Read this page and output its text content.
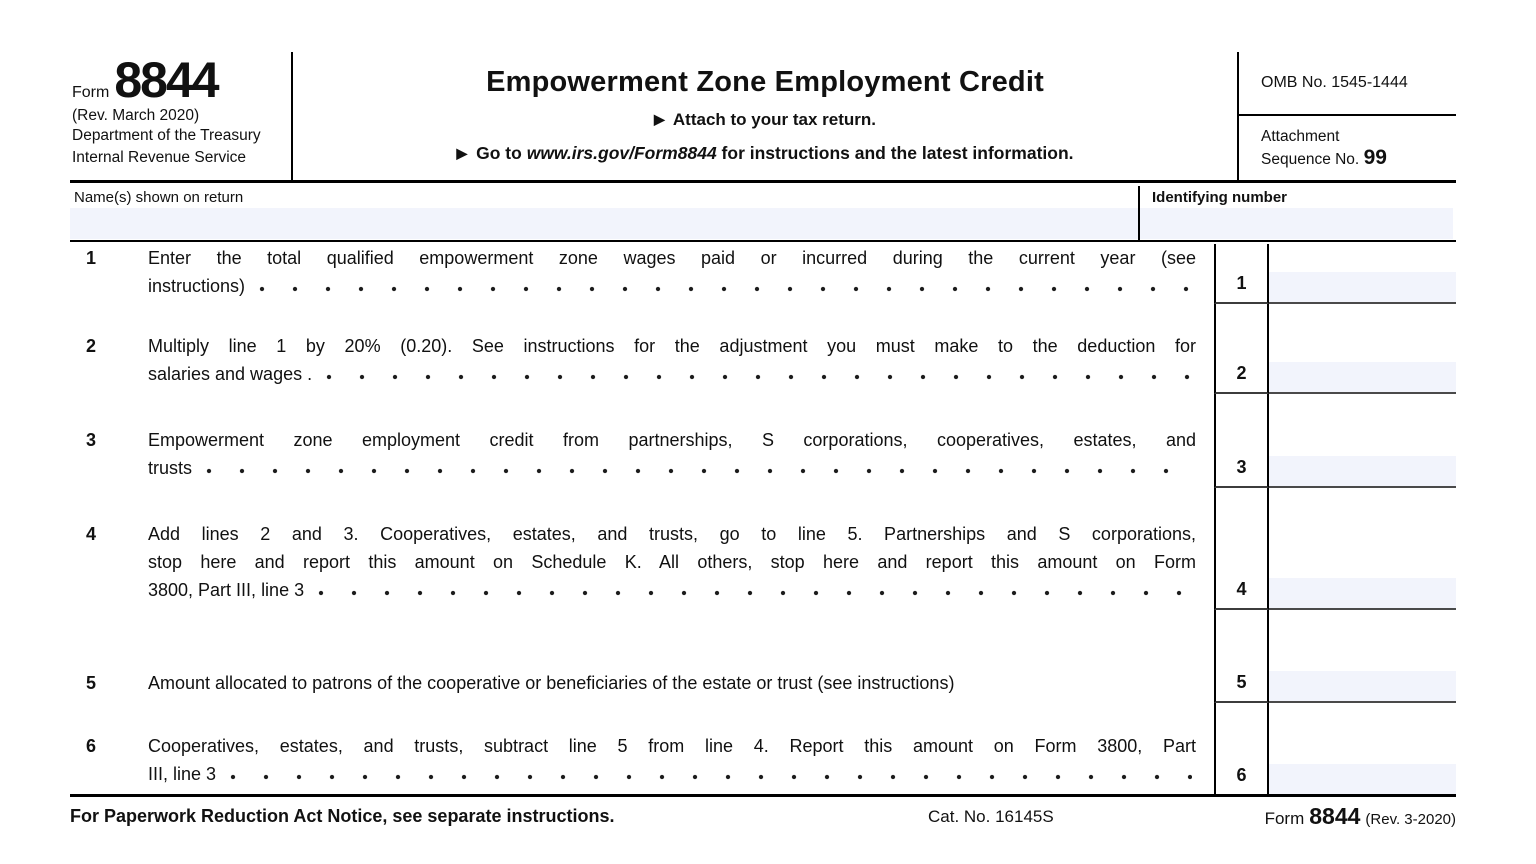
Form 8844
(Rev. March 2020)
Department of the Treasury
Internal Revenue Service
Empowerment Zone Employment Credit
▶ Attach to your tax return.
▶ Go to www.irs.gov/Form8844 for instructions and the latest information.
OMB No. 1545-1444
Attachment
Sequence No. 99
Name(s) shown on return	Identifying number
1	Enter the total qualified empowerment zone wages paid or incurred during the current year (see
instructions)	1
2	Multiply line 1 by 20% (0.20). See instructions for the adjustment you must make to the deduction for
salaries and wages .	2
3	Empowerment zone employment credit from partnerships, S corporations, cooperatives, estates, and
trusts	3
4	Add lines 2 and 3. Cooperatives, estates, and trusts, go to line 5. Partnerships and S corporations,
stop here and report this amount on Schedule K. All others, stop here and report this amount on Form
3800, Part III, line 3	4
5	Amount allocated to patrons of the cooperative or beneficiaries of the estate or trust (see instructions)	5
6	Cooperatives, estates, and trusts, subtract line 5 from line 4. Report this amount on Form 3800, Part
III, line 3	6
For Paperwork Reduction Act Notice, see separate instructions.	Cat. No. 16145S	Form 8844 (Rev. 3-2020)
